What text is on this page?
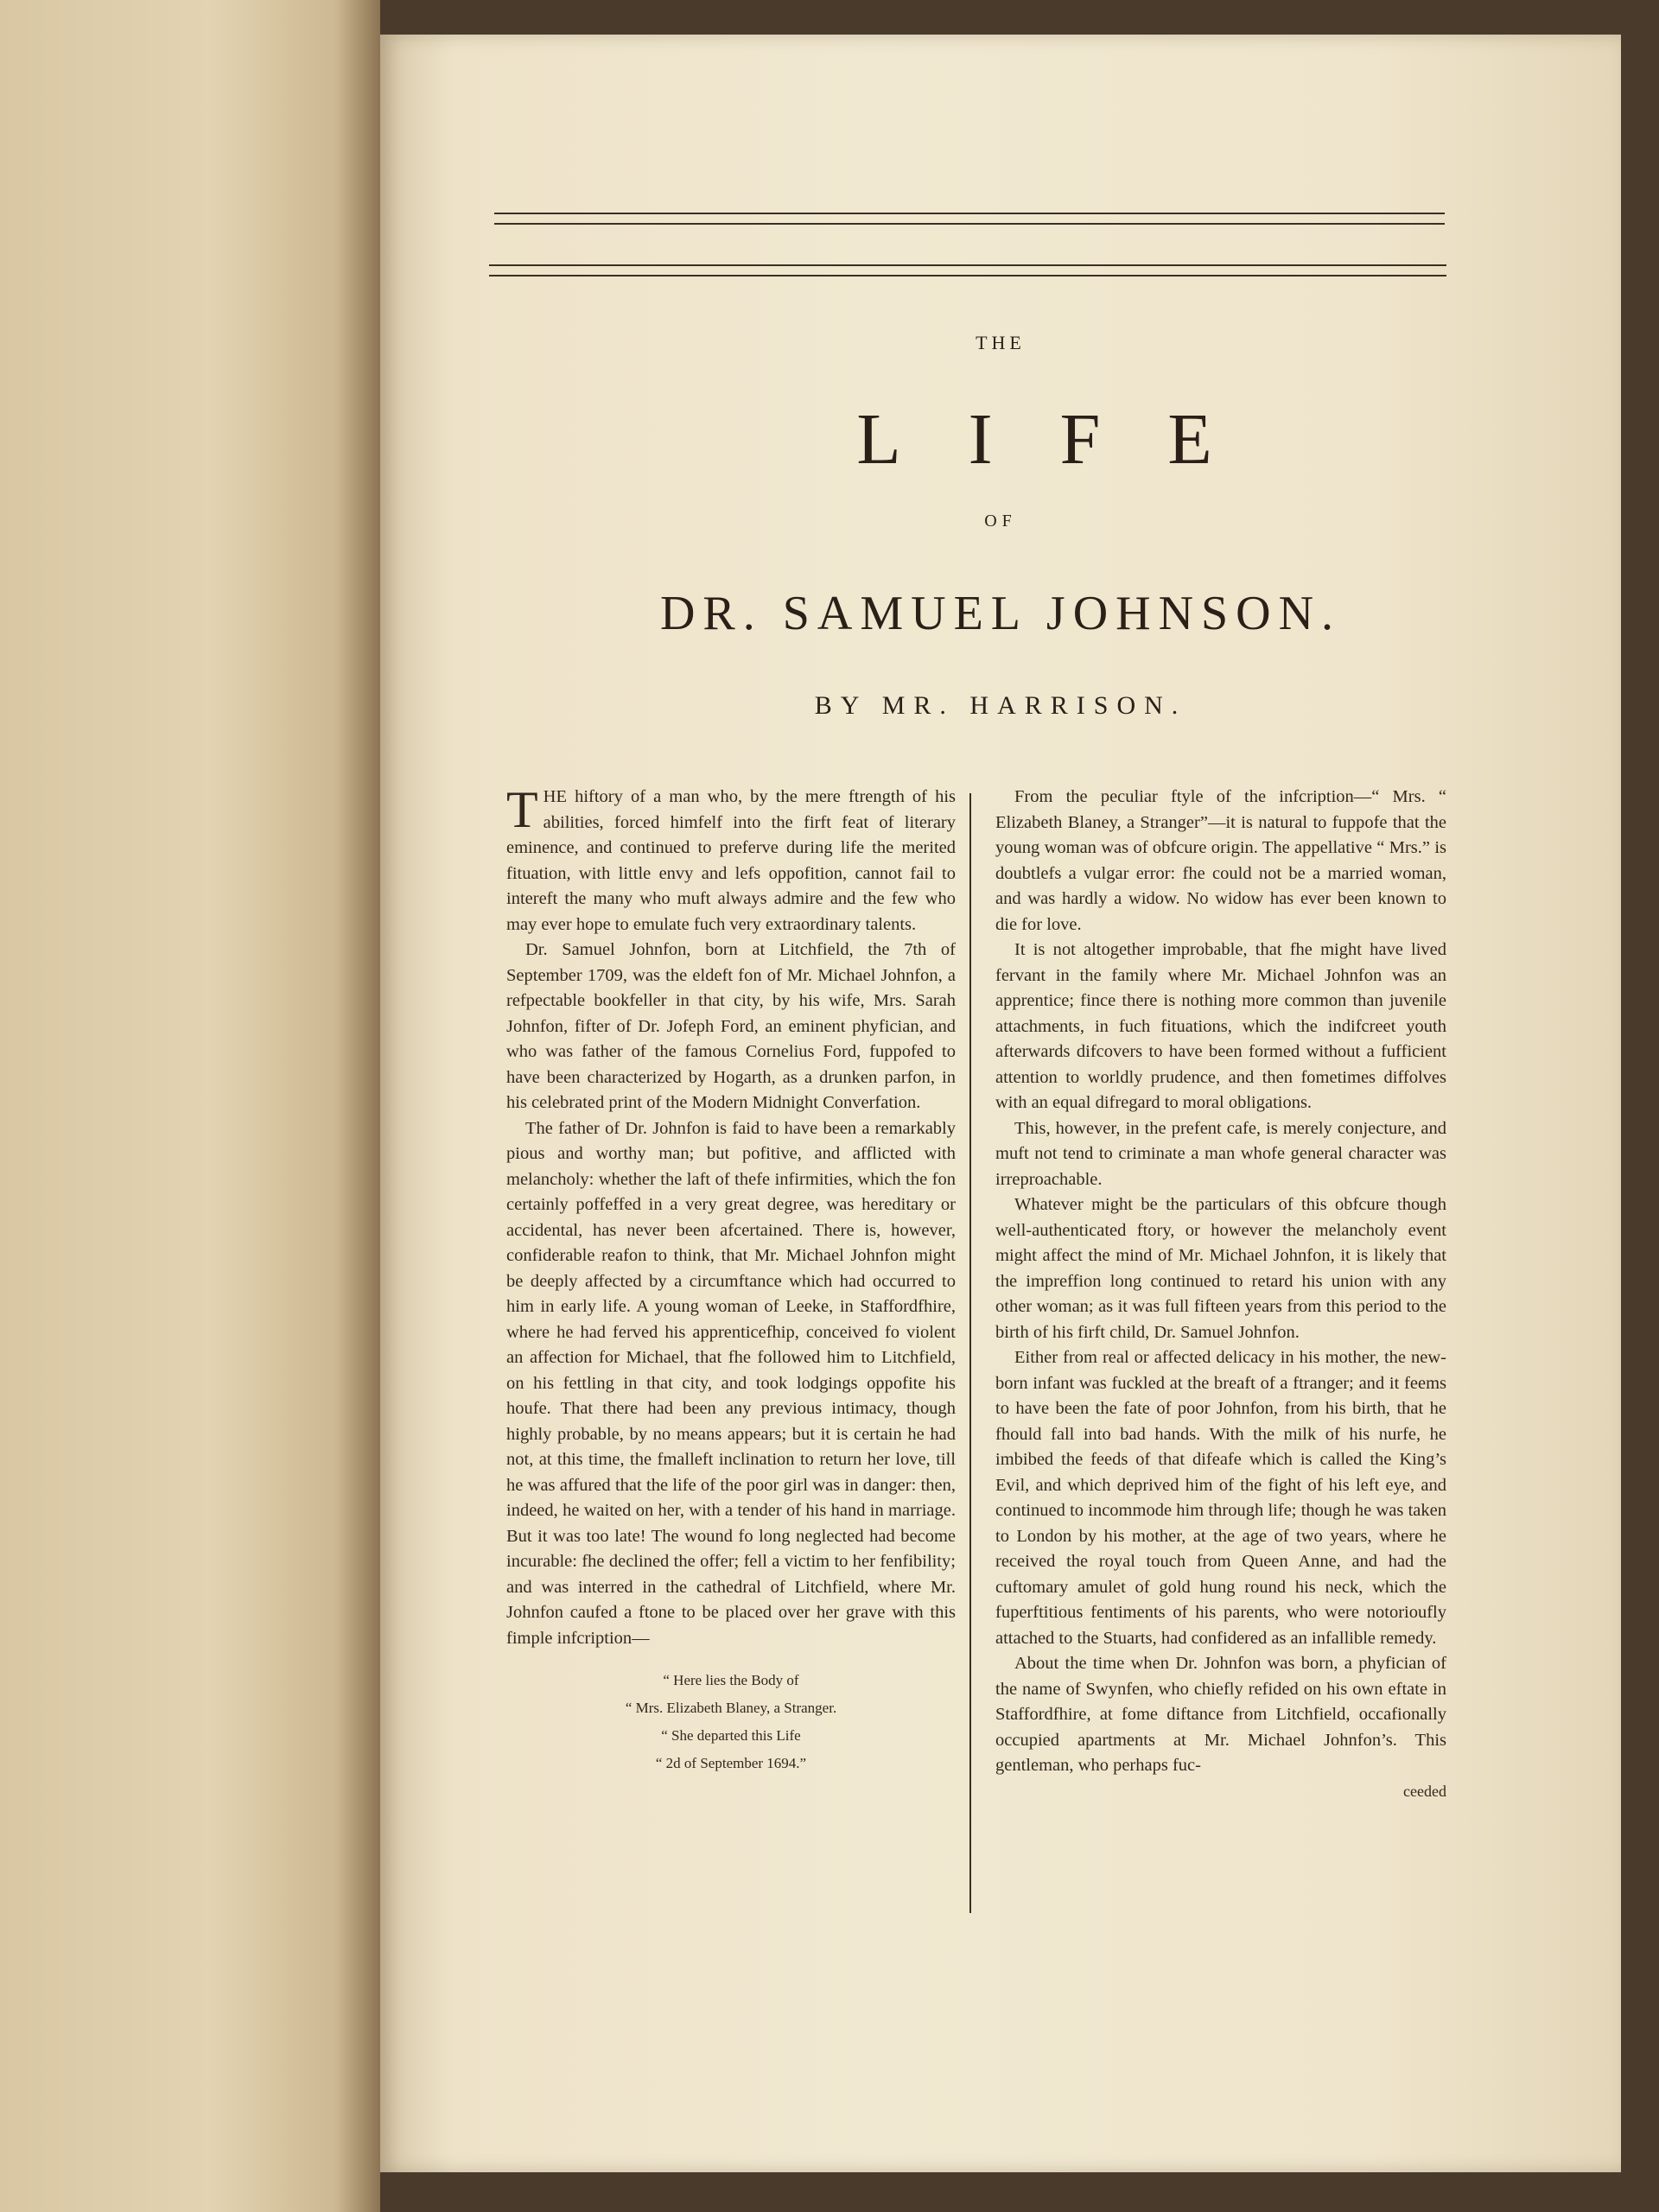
THE
LIFE
OF
DR. SAMUEL JOHNSON.
BY MR. HARRISON.

THE hiftory of a man who, by the mere ftrength of his abilities, forced himfelf into the firft feat of literary eminence, and continued to preferve during life the merited fituation, with little envy and lefs oppofition, cannot fail to intereft the many who muft always admire and the few who may ever hope to emulate fuch very extraordinary talents.

Dr. Samuel Johnfon, born at Litchfield, the 7th of September 1709, was the eldeft fon of Mr. Michael Johnfon, a refpectable bookfeller in that city, by his wife, Mrs. Sarah Johnfon, fifter of Dr. Jofeph Ford, an eminent phyfician, and who was father of the famous Cornelius Ford, fuppofed to have been characterized by Hogarth, as a drunken parfon, in his celebrated print of the Modern Midnight Converfation.

The father of Dr. Johnfon is faid to have been a remarkably pious and worthy man; but pofitive, and afflicted with melancholy: whether the laft of thefe infirmities, which the fon certainly poffeffed in a very great degree, was hereditary or accidental, has never been afcertained. There is, however, confiderable reafon to think, that Mr. Michael Johnfon might be deeply affected by a circumftance which had occurred to him in early life. A young woman of Leeke, in Staffordfhire, where he had ferved his apprenticefhip, conceived fo violent an affection for Michael, that fhe followed him to Litchfield, on his fettling in that city, and took lodgings oppofite his houfe. That there had been any previous intimacy, though highly probable, by no means appears; but it is certain he had not, at this time, the fmalleft inclination to return her love, till he was affured that the life of the poor girl was in danger: then, indeed, he waited on her, with a tender of his hand in marriage. But it was too late! The wound fo long neglected had become incurable: fhe declined the offer; fell a victim to her fenfibility; and was interred in the cathedral of Litchfield, where Mr. Johnfon caufed a ftone to be placed over her grave with this fimple infcription—

“ Here lies the Body of
“ Mrs. Elizabeth Blaney, a Stranger.
“ She departed this Life
“ 2d of September 1694.”

From the peculiar ftyle of the infcription—“ Mrs. “ Elizabeth Blaney, a Stranger”—it is natural to fuppofe that the young woman was of obfcure origin. The appellative “ Mrs.” is doubtlefs a vulgar error: fhe could not be a married woman, and was hardly a widow. No widow has ever been known to die for love.

It is not altogether improbable, that fhe might have lived fervant in the family where Mr. Michael Johnfon was an apprentice; fince there is nothing more common than juvenile attachments, in fuch fituations, which the indifcreet youth afterwards difcovers to have been formed without a fufficient attention to worldly prudence, and then fometimes diffolves with an equal difregard to moral obligations.

This, however, in the prefent cafe, is merely conjecture, and muft not tend to criminate a man whofe general character was irreproachable.

Whatever might be the particulars of this obfcure though well-authenticated ftory, or however the melancholy event might affect the mind of Mr. Michael Johnfon, it is likely that the impreffion long continued to retard his union with any other woman; as it was full fifteen years from this period to the birth of his firft child, Dr. Samuel Johnfon.

Either from real or affected delicacy in his mother, the new-born infant was fuckled at the breaft of a ftranger; and it feems to have been the fate of poor Johnfon, from his birth, that he fhould fall into bad hands. With the milk of his nurfe, he imbibed the feeds of that difeafe which is called the King’s Evil, and which deprived him of the fight of his left eye, and continued to incommode him through life; though he was taken to London by his mother, at the age of two years, where he received the royal touch from Queen Anne, and had the cuftomary amulet of gold hung round his neck, which the fuperftitious fentiments of his parents, who were notorioufly attached to the Stuarts, had confidered as an infallible remedy.

About the time when Dr. Johnfon was born, a phyfician of the name of Swynfen, who chiefly refided on his own eftate in Staffordfhire, at fome diftance from Litchfield, occafionally occupied apartments at Mr. Michael Johnfon’s. This gentleman, who perhaps fuc-

ceeded
